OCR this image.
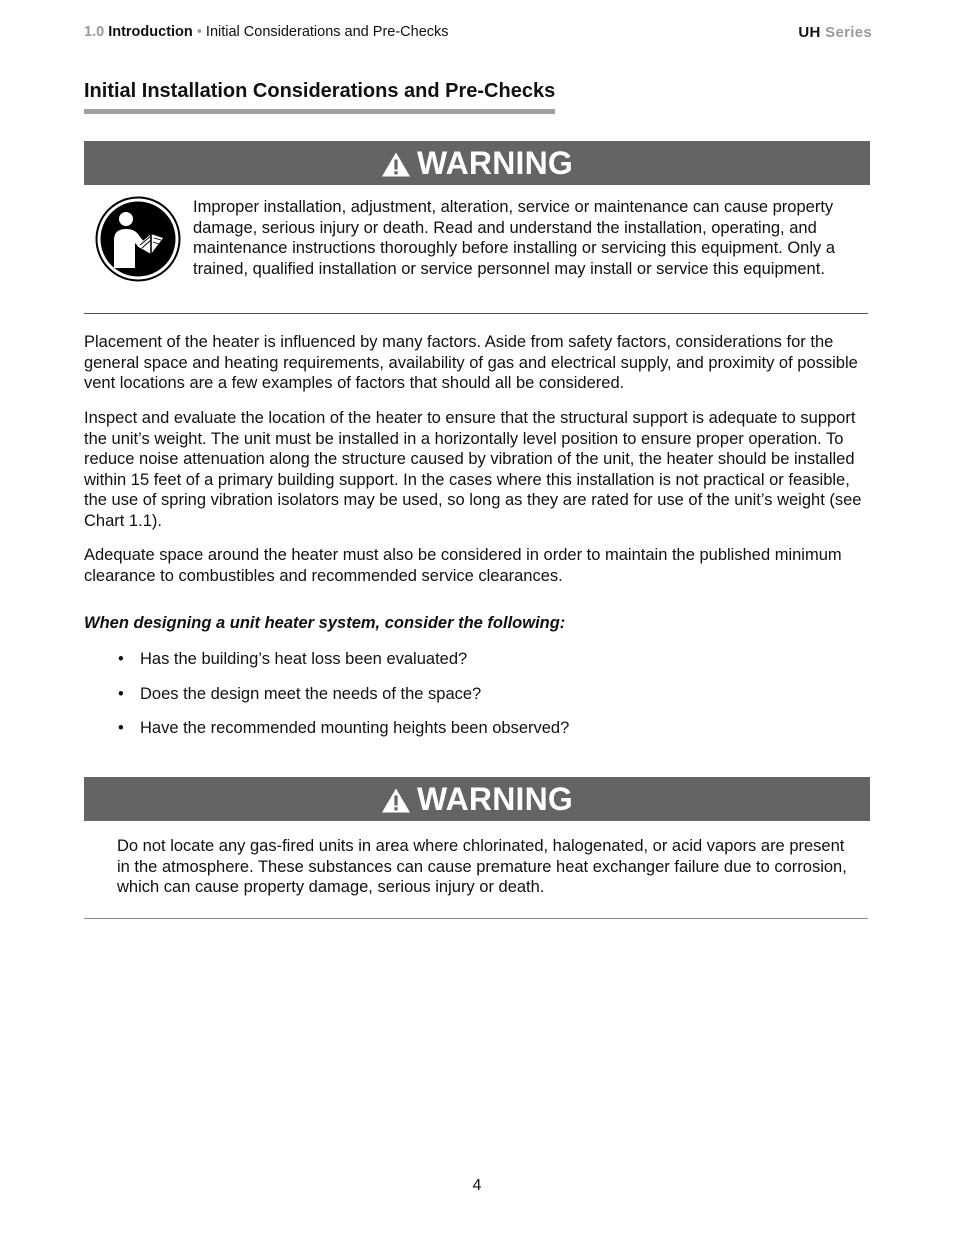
1.0 Introduction • Initial Considerations and Pre-Checks	UH Series
Initial Installation Considerations and Pre-Checks
WARNING

Improper installation, adjustment, alteration, service or maintenance can cause property damage, serious injury or death. Read and understand the installation, operating, and maintenance instructions thoroughly before installing or servicing this equipment. Only a trained, qualified installation or service personnel may install or service this equipment.

Placement of the heater is influenced by many factors. Aside from safety factors, considerations for the general space and heating requirements, availability of gas and electrical supply, and proximity of possible vent locations are a few examples of factors that should all be considered.

Inspect and evaluate the location of the heater to ensure that the structural support is adequate to support the unit’s weight. The unit must be installed in a horizontally level position to ensure proper operation. To reduce noise attenuation along the structure caused by vibration of the unit, the heater should be installed within 15 feet of a primary building support. In the cases where this installation is not practical or feasible, the use of spring vibration isolators may be used, so long as they are rated for use of the unit’s weight (see Chart 1.1).

Adequate space around the heater must also be considered in order to maintain the published minimum clearance to combustibles and recommended service clearances.

When designing a unit heater system, consider the following:

• Has the building’s heat loss been evaluated?
• Does the design meet the needs of the space?
• Have the recommended mounting heights been observed?
WARNING

Do not locate any gas-fired units in area where chlorinated, halogenated, or acid vapors are present in the atmosphere. These substances can cause premature heat exchanger failure due to corrosion, which can cause property damage, serious injury or death.

4
